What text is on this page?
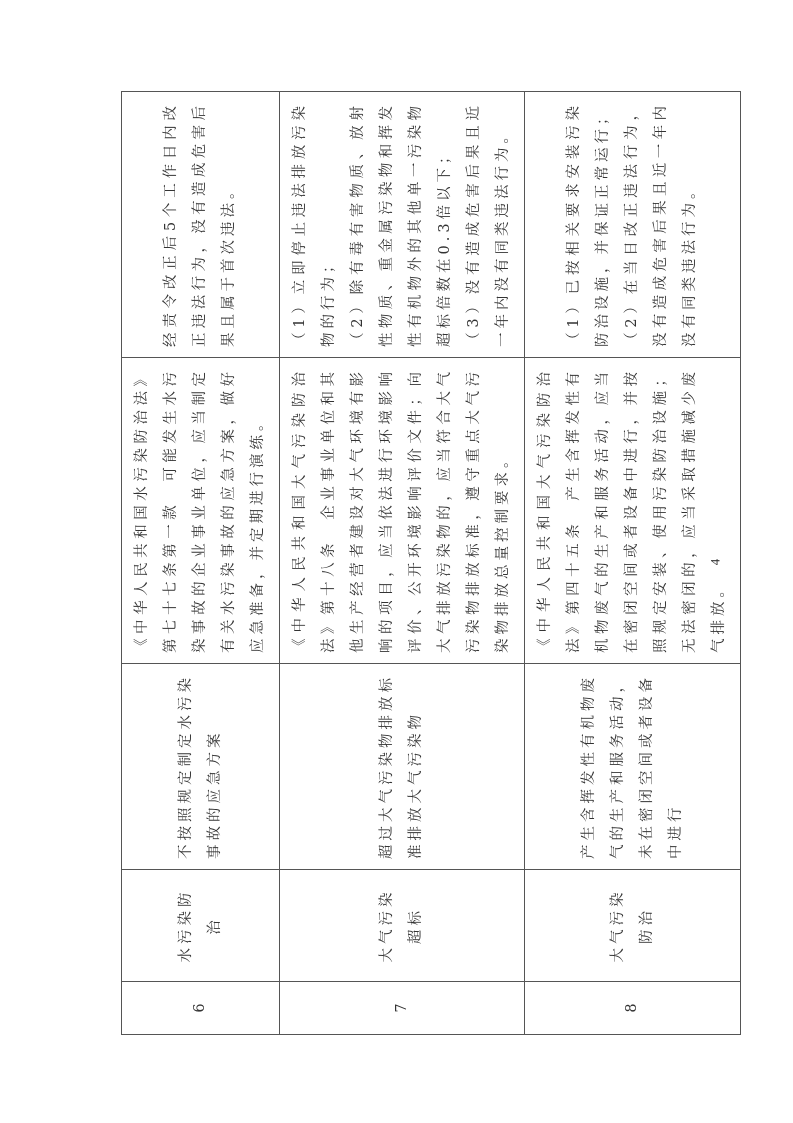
6	水污染防治	不按照规定制定水污染事故的应急方案	《中华人民共和国水污染防治法》第七十七条第一款　可能发生水污染事故的企业事业单位，应当制定有关水污染事故的应急方案，做好应急准备，并定期进行演练。	经责令改正后5个工作日内改正违法行为，没有造成危害后果且属于首次违法。

7	大气污染超标	超过大气污染物排放标准排放大气污染物	《中华人民共和国大气污染防治法》第十八条　企业事业单位和其他生产经营者建设对大气环境有影响的项目，应当依法进行环境影响评价、公开环境影响评价文件；向大气排放污染物的，应当符合大气污染物排放标准，遵守重点大气污染物排放总量控制要求。	（1）立即停止违法排放污染物的行为； （2）除有毒有害物质、放射性物质、重金属污染物和挥发性有机物外的其他单一污染物超标倍数在0.3倍以下； （3）没有造成危害后果且近一年内没有同类违法行为。

8	大气污染防治	产生含挥发性有机物废气的生产和服务活动，未在密闭空间或者设备中进行	《中华人民共和国大气污染防治法》第四十五条　产生含挥发性有机物废气的生产和服务活动，应当在密闭空间或者设备中进行，并按照规定安装、使用污染防治设施；无法密闭的，应当采取措施减少废气排放。	（1）已按相关要求安装污染防治设施，并保证正常运行； （2）在当日改正违法行为，没有造成危害后果且近一年内没有同类违法行为。

4
